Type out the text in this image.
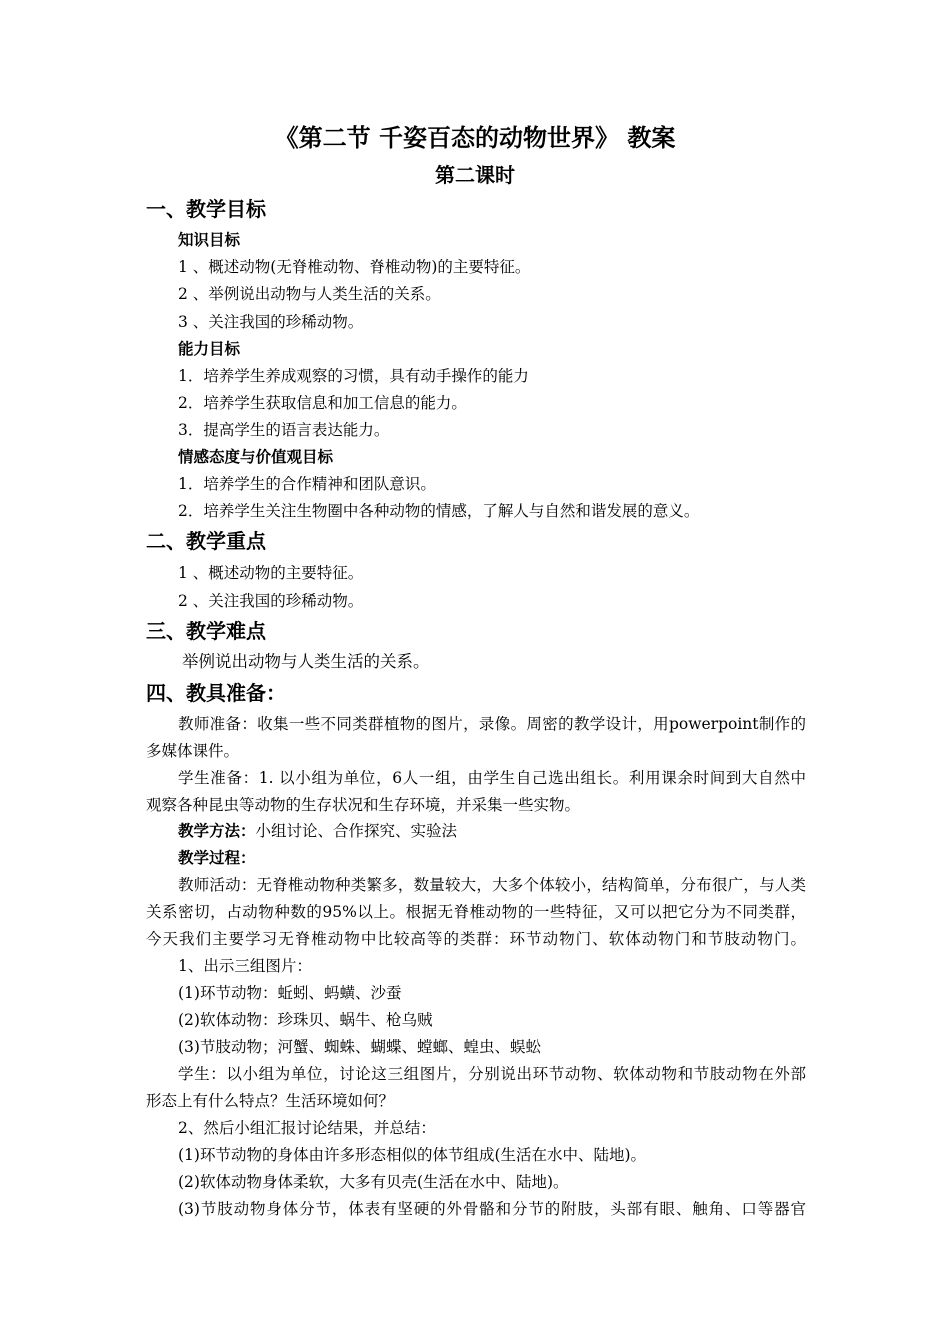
《第二节 千姿百态的动物世界》 教案
第二课时
一、教学目标
知识目标
1 、概述动物(无脊椎动物、脊椎动物)的主要特征。
2 、举例说出动物与人类生活的关系。
3 、关注我国的珍稀动物。
能力目标
1．培养学生养成观察的习惯，具有动手操作的能力
2．培养学生获取信息和加工信息的能力。
3．提高学生的语言表达能力。
情感态度与价值观目标
1．培养学生的合作精神和团队意识。
2．培养学生关注生物圈中各种动物的情感，了解人与自然和谐发展的意义。
二、教学重点
1 、概述动物的主要特征。
2 、关注我国的珍稀动物。
三、教学难点
举例说出动物与人类生活的关系。
四、教具准备：
教师准备：收集一些不同类群植物的图片，录像。周密的教学设计，用powerpoint制作的
多媒体课件。
学生准备：1. 以小组为单位，6人一组，由学生自己选出组长。利用课余时间到大自然中
观察各种昆虫等动物的生存状况和生存环境，并采集一些实物。
教学方法：小组讨论、合作探究、实验法
教学过程：
教师活动：无脊椎动物种类繁多，数量较大，大多个体较小，结构简单，分布很广，与人类
关系密切，占动物种数的95%以上。根据无脊椎动物的一些特征，又可以把它分为不同类群，
今天我们主要学习无脊椎动物中比较高等的类群：环节动物门、软体动物门和节肢动物门。
1、出示三组图片：
(1)环节动物：蚯蚓、蚂蟥、沙蚕
(2)软体动物：珍珠贝、蜗牛、枪乌贼
(3)节肢动物；河蟹、蜘蛛、蝴蝶、螳螂、蝗虫、蜈蚣
学生：以小组为单位，讨论这三组图片，分别说出环节动物、软体动物和节肢动物在外部
形态上有什么特点？生活环境如何？
2、然后小组汇报讨论结果，并总结：
(1)环节动物的身体由许多形态相似的体节组成(生活在水中、陆地)。
(2)软体动物身体柔软，大多有贝壳(生活在水中、陆地)。
(3)节肢动物身体分节，体表有坚硬的外骨骼和分节的附肢，头部有眼、触角、口等器官
